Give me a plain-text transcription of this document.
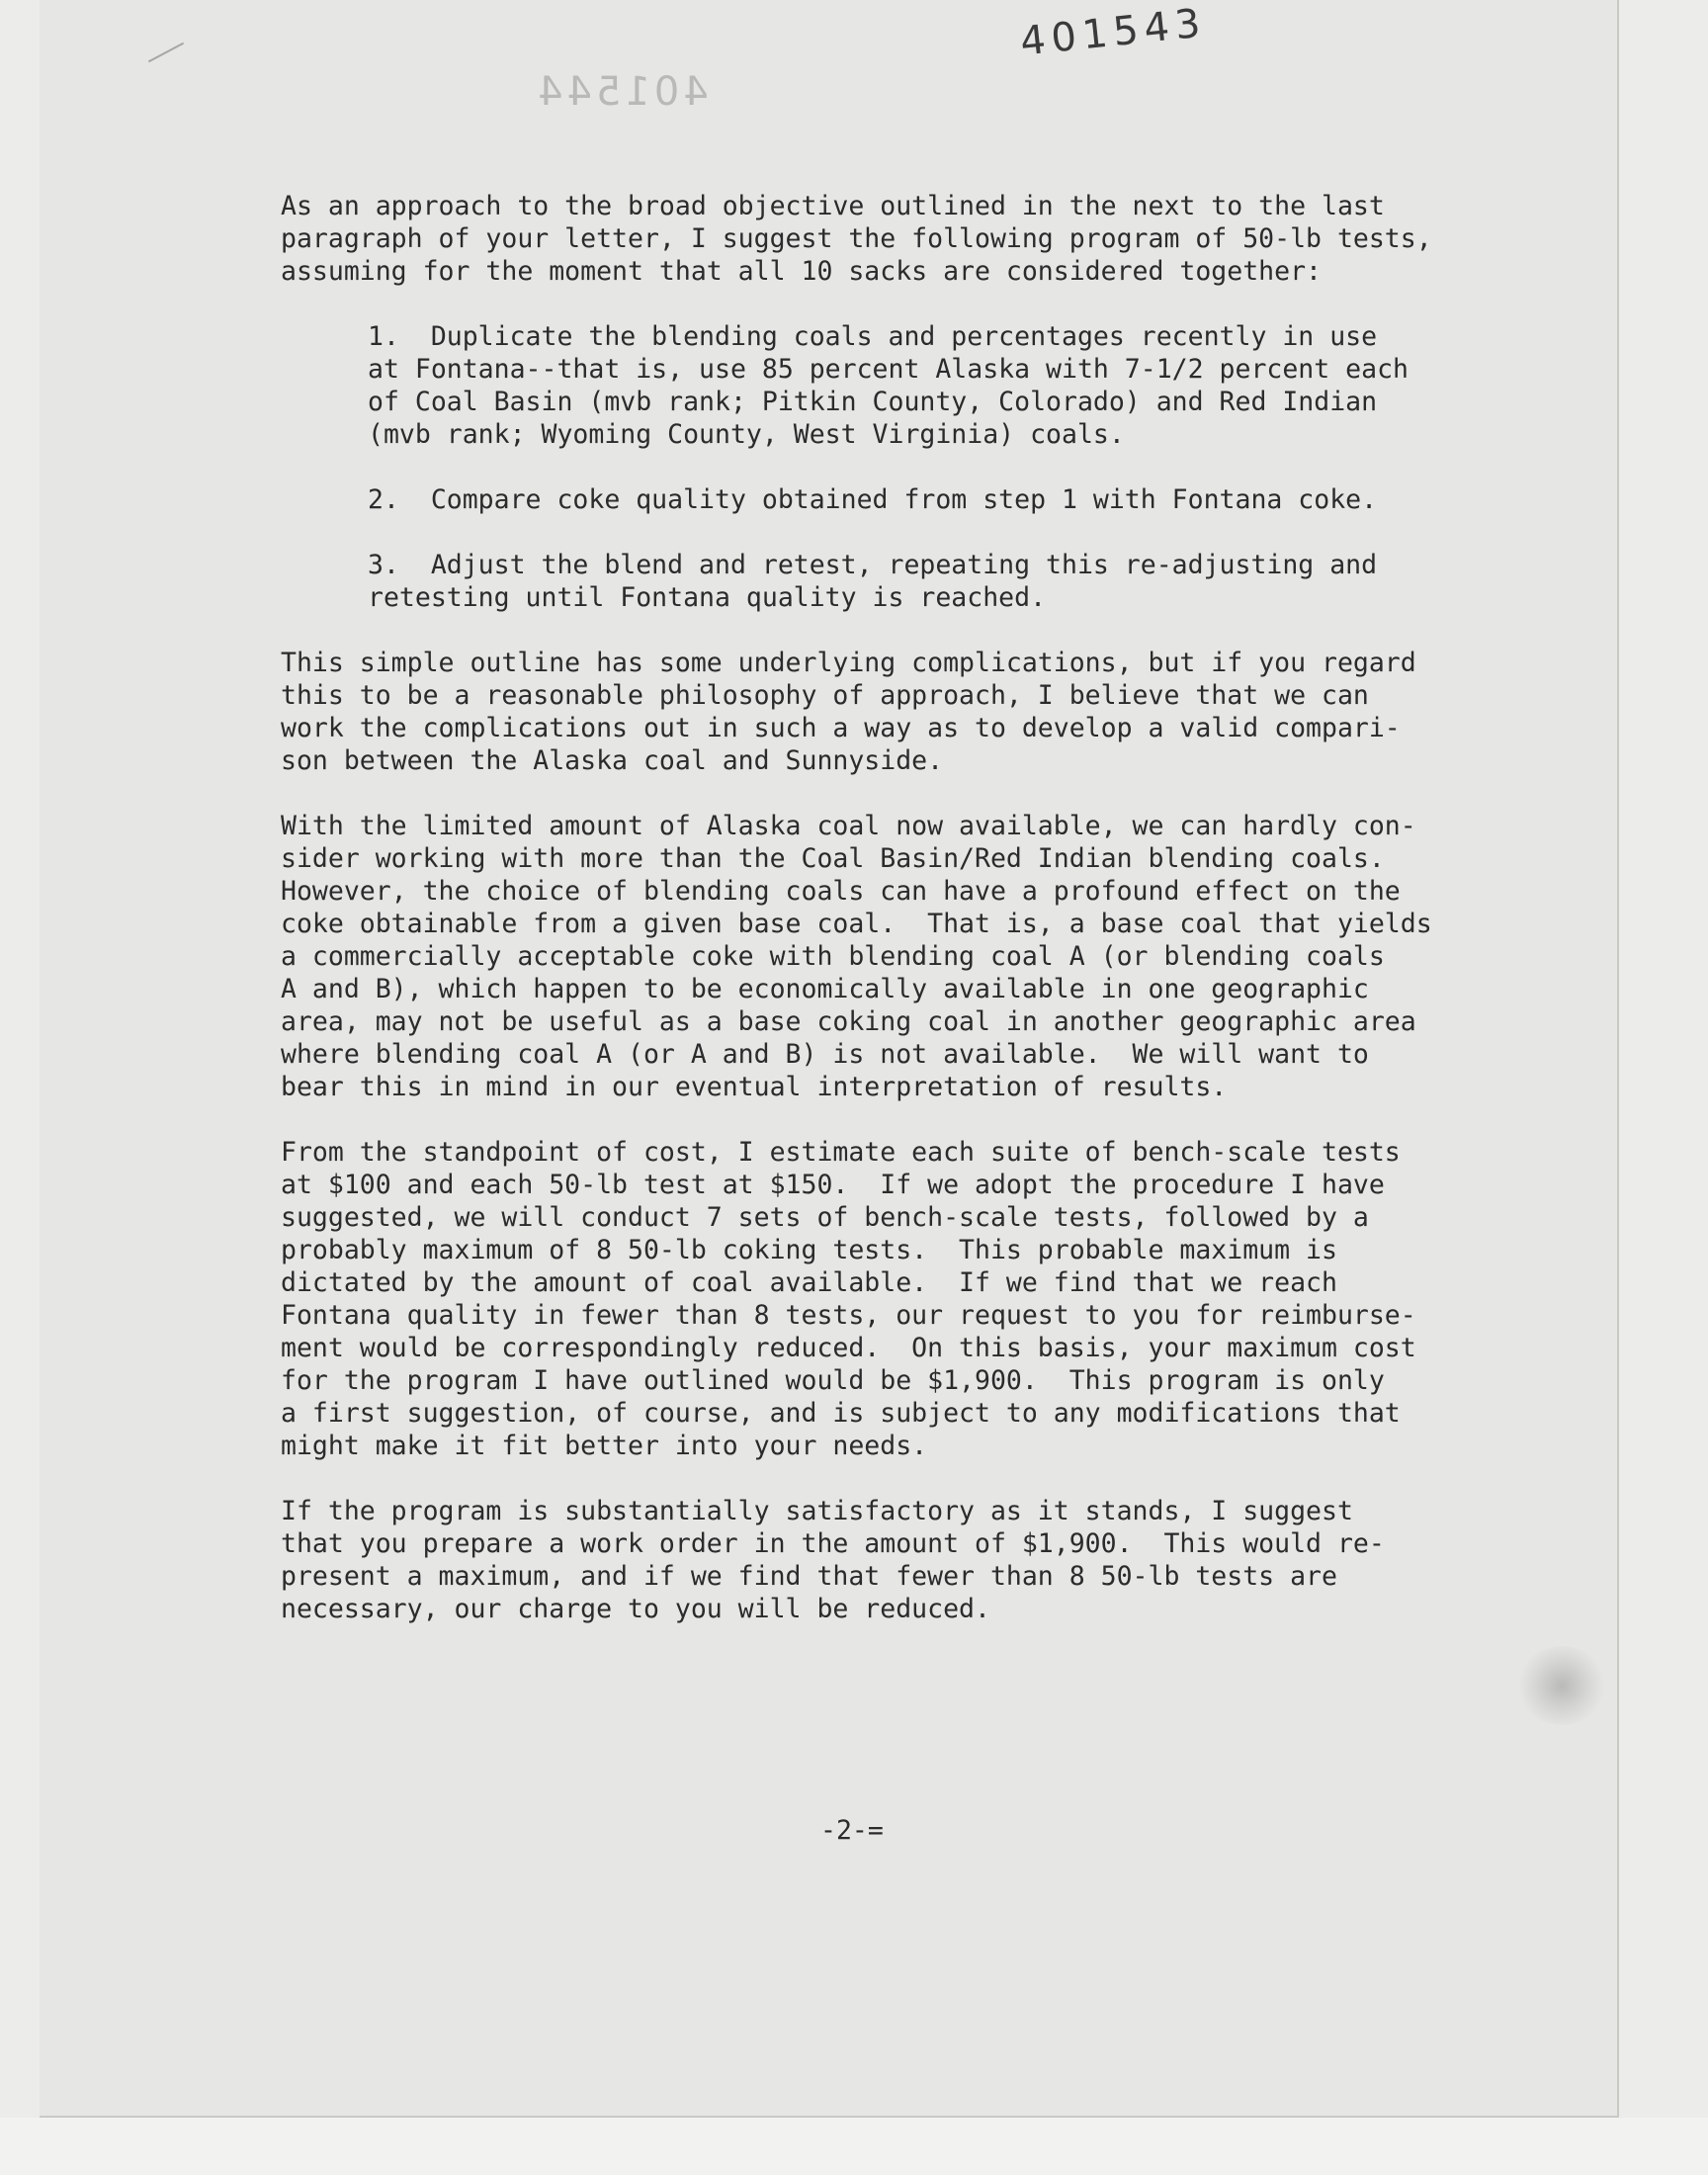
401543
401544
As an approach to the broad objective outlined in the next to the last
paragraph of your letter, I suggest the following program of 50-lb tests,
assuming for the moment that all 10 sacks are considered together:
1.  Duplicate the blending coals and percentages recently in use
at Fontana--that is, use 85 percent Alaska with 7-1/2 percent each
of Coal Basin (mvb rank; Pitkin County, Colorado) and Red Indian
(mvb rank; Wyoming County, West Virginia) coals.
2.  Compare coke quality obtained from step 1 with Fontana coke.
3.  Adjust the blend and retest, repeating this re-adjusting and
retesting until Fontana quality is reached.
This simple outline has some underlying complications, but if you regard
this to be a reasonable philosophy of approach, I believe that we can
work the complications out in such a way as to develop a valid compari-
son between the Alaska coal and Sunnyside.
With the limited amount of Alaska coal now available, we can hardly con-
sider working with more than the Coal Basin/Red Indian blending coals.
However, the choice of blending coals can have a profound effect on the
coke obtainable from a given base coal.  That is, a base coal that yields
a commercially acceptable coke with blending coal A (or blending coals
A and B), which happen to be economically available in one geographic
area, may not be useful as a base coking coal in another geographic area
where blending coal A (or A and B) is not available.  We will want to
bear this in mind in our eventual interpretation of results.
From the standpoint of cost, I estimate each suite of bench-scale tests
at $100 and each 50-lb test at $150.  If we adopt the procedure I have
suggested, we will conduct 7 sets of bench-scale tests, followed by a
probably maximum of 8 50-lb coking tests.  This probable maximum is
dictated by the amount of coal available.  If we find that we reach
Fontana quality in fewer than 8 tests, our request to you for reimburse-
ment would be correspondingly reduced.  On this basis, your maximum cost
for the program I have outlined would be $1,900.  This program is only
a first suggestion, of course, and is subject to any modifications that
might make it fit better into your needs.
If the program is substantially satisfactory as it stands, I suggest
that you prepare a work order in the amount of $1,900.  This would re-
present a maximum, and if we find that fewer than 8 50-lb tests are
necessary, our charge to you will be reduced.
-2-=
